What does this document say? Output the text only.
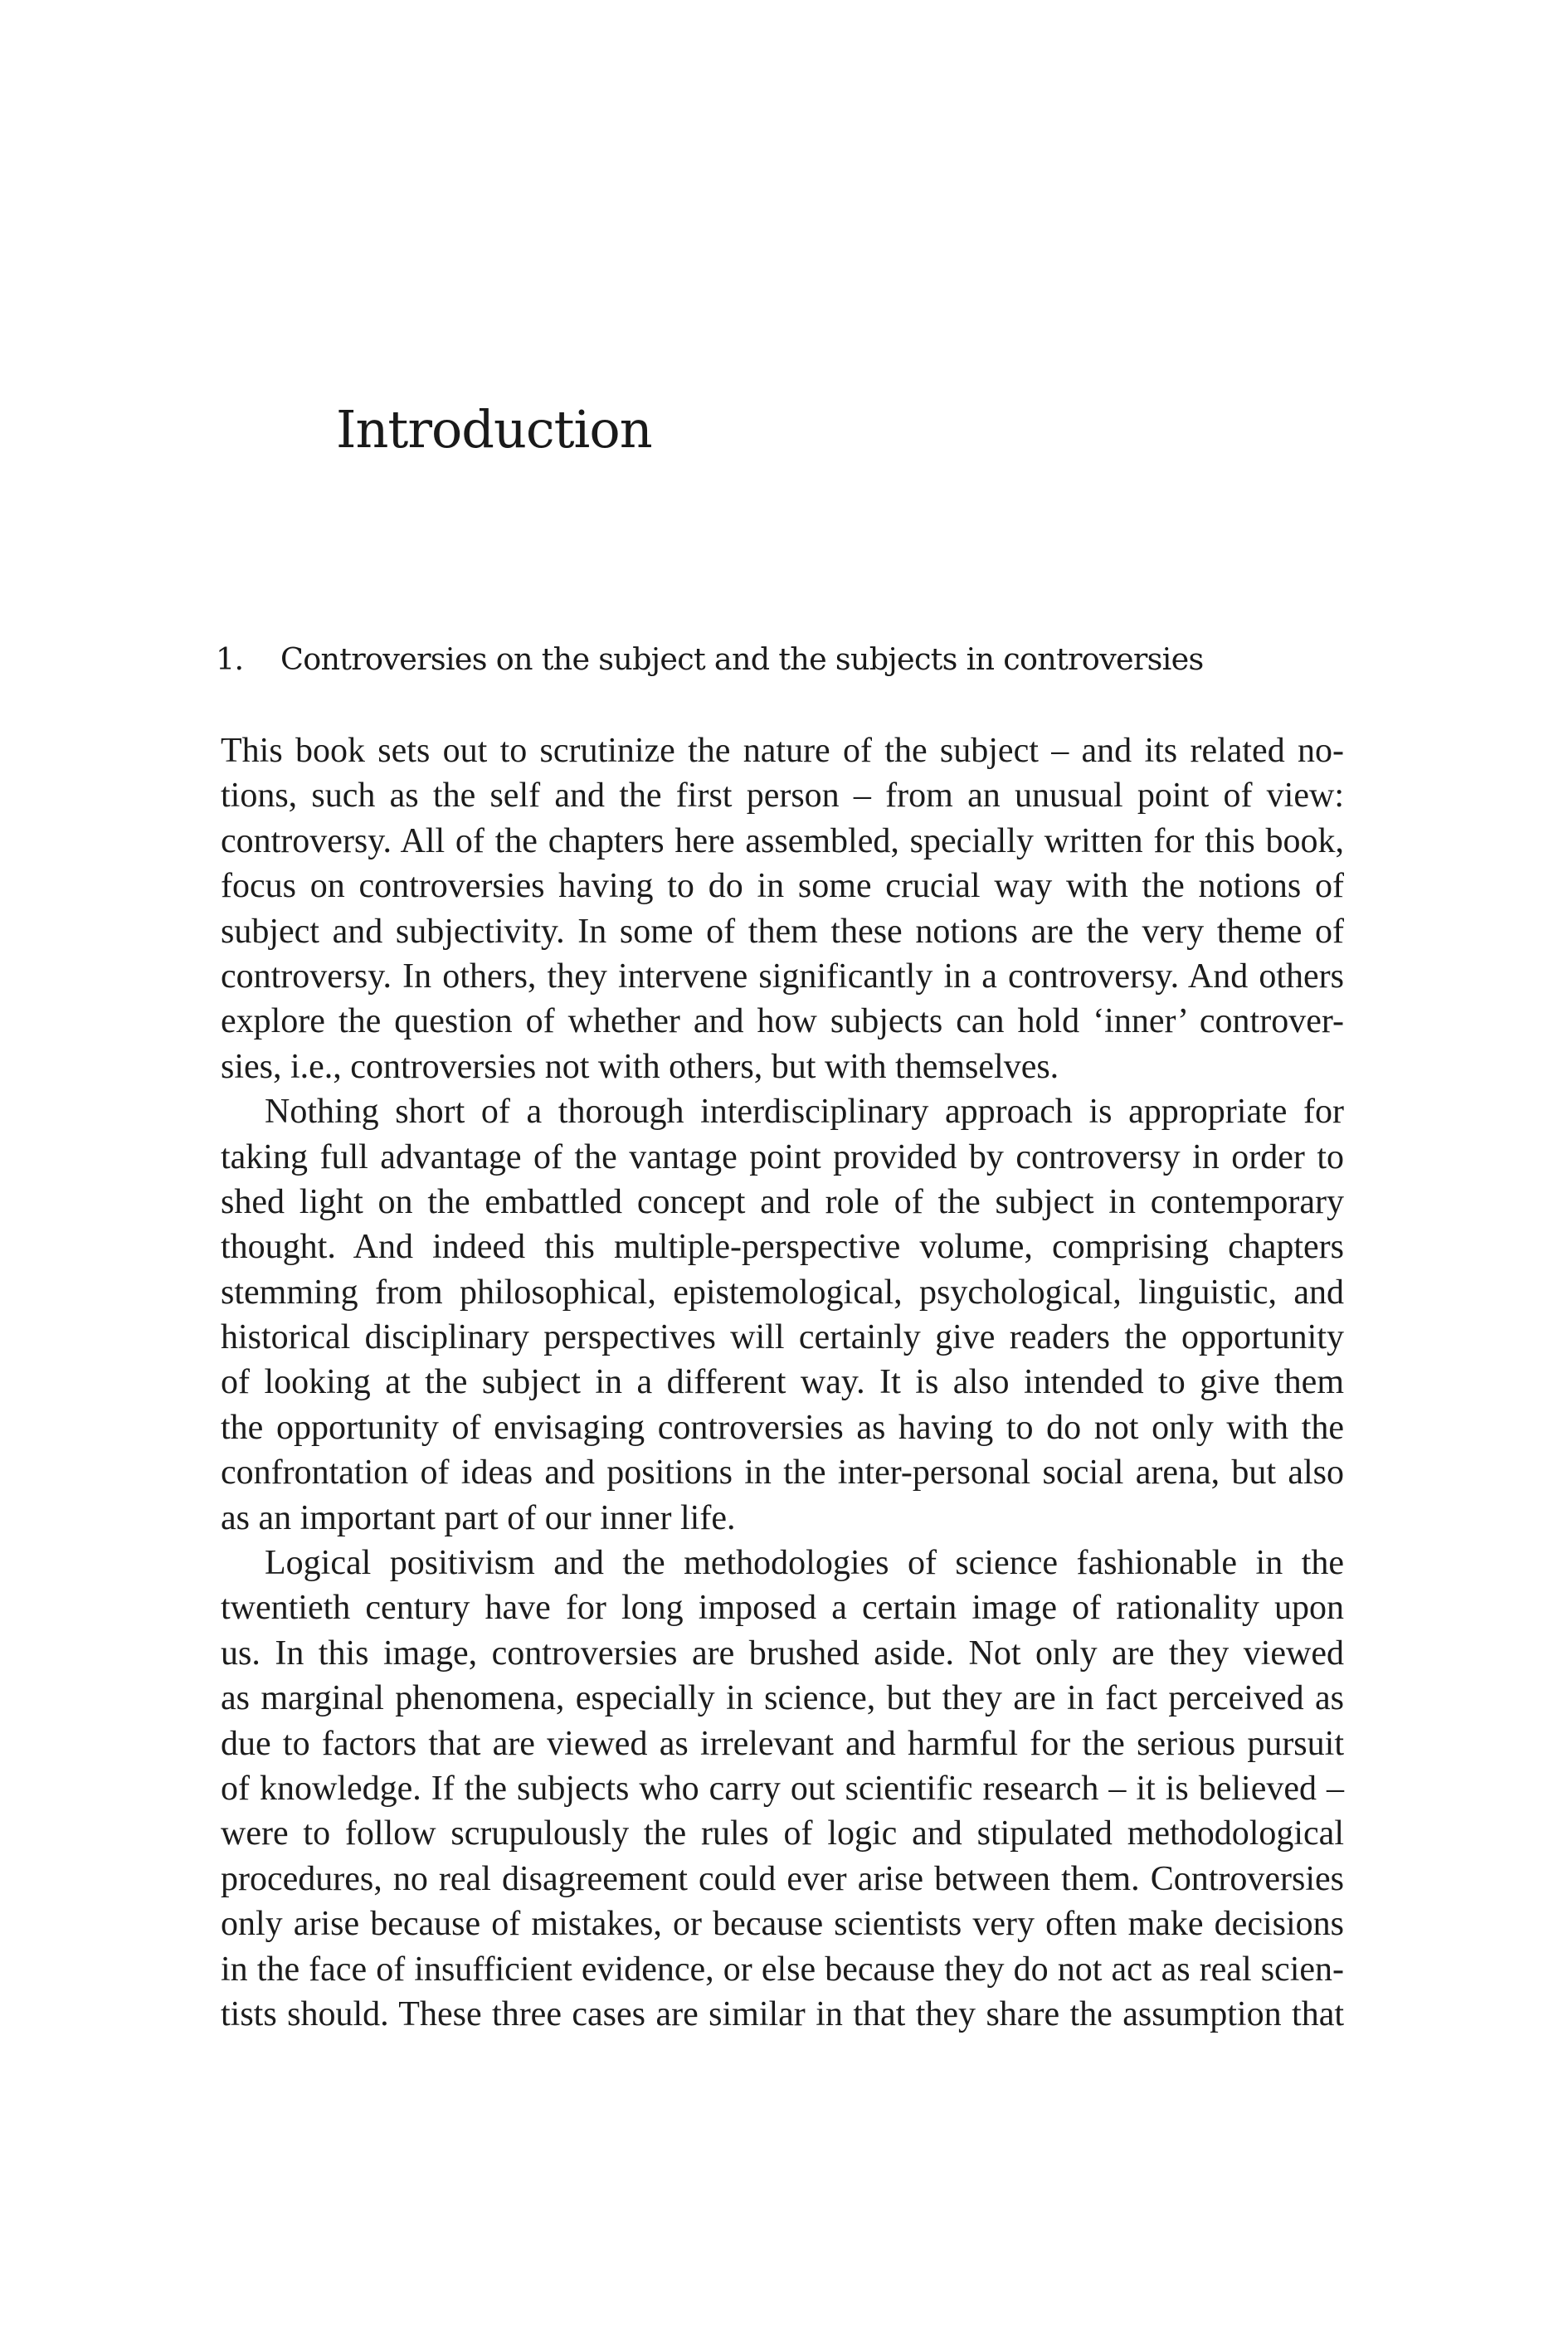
Introduction
1. Controversies on the subject and the subjects in controversies
This book sets out to scrutinize the nature of the subject – and its related no-
tions, such as the self and the first person – from an unusual point of view:
controversy. All of the chapters here assembled, specially written for this book,
focus on controversies having to do in some crucial way with the notions of
subject and subjectivity. In some of them these notions are the very theme of
controversy. In others, they intervene significantly in a controversy. And others
explore the question of whether and how subjects can hold ‘inner’ controver-
sies, i.e., controversies not with others, but with themselves.
Nothing short of a thorough interdisciplinary approach is appropriate for
taking full advantage of the vantage point provided by controversy in order to
shed light on the embattled concept and role of the subject in contemporary
thought. And indeed this multiple-perspective volume, comprising chapters
stemming from philosophical, epistemological, psychological, linguistic, and
historical disciplinary perspectives will certainly give readers the opportunity
of looking at the subject in a different way. It is also intended to give them
the opportunity of envisaging controversies as having to do not only with the
confrontation of ideas and positions in the inter-personal social arena, but also
as an important part of our inner life.
Logical positivism and the methodologies of science fashionable in the
twentieth century have for long imposed a certain image of rationality upon
us. In this image, controversies are brushed aside. Not only are they viewed
as marginal phenomena, especially in science, but they are in fact perceived as
due to factors that are viewed as irrelevant and harmful for the serious pursuit
of knowledge. If the subjects who carry out scientific research – it is believed –
were to follow scrupulously the rules of logic and stipulated methodological
procedures, no real disagreement could ever arise between them. Controversies
only arise because of mistakes, or because scientists very often make decisions
in the face of insufficient evidence, or else because they do not act as real scien-
tists should. These three cases are similar in that they share the assumption that
